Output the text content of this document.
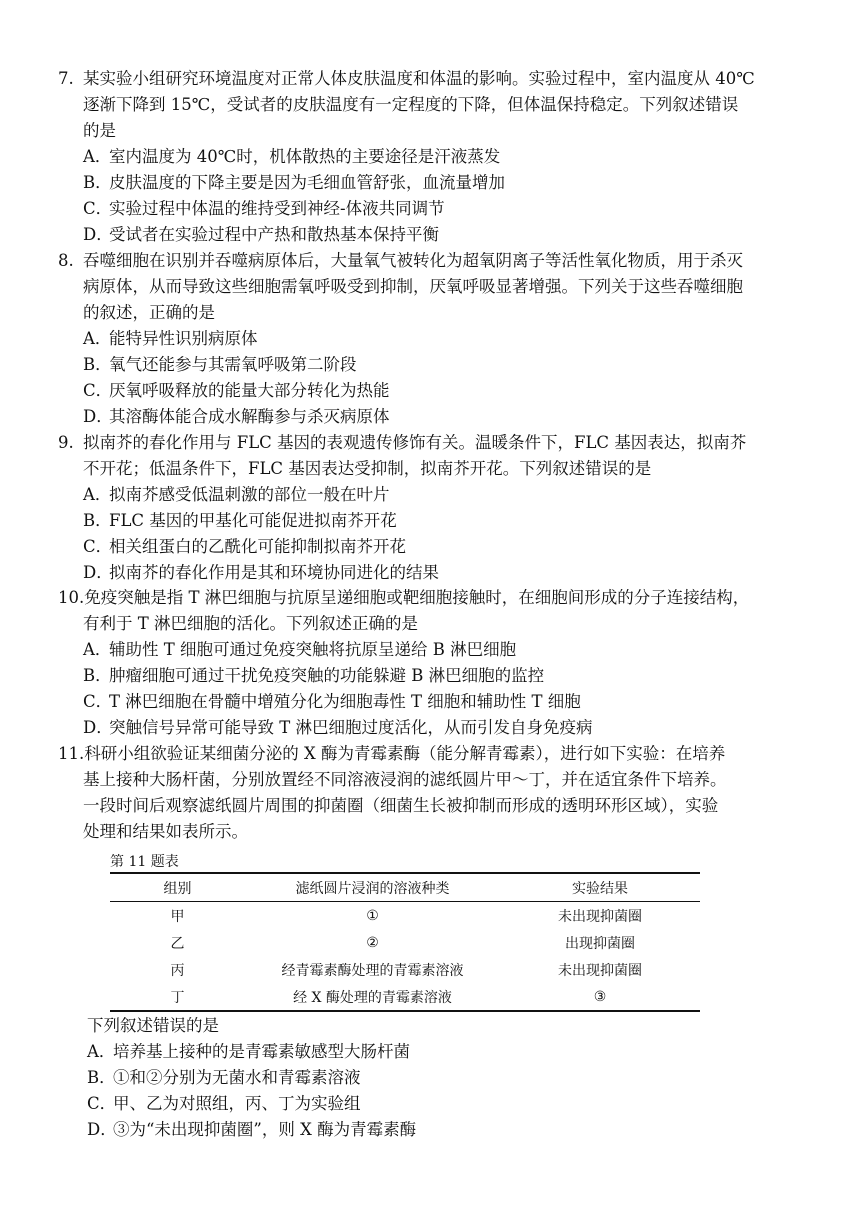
7. 某实验小组研究环境温度对正常人体皮肤温度和体温的影响。实验过程中，室内温度从 40℃
逐渐下降到 15℃，受试者的皮肤温度有一定程度的下降，但体温保持稳定。下列叙述错误
的是
A．室内温度为 40℃时，机体散热的主要途径是汗液蒸发
B．皮肤温度的下降主要是因为毛细血管舒张，血流量增加
C．实验过程中体温的维持受到神经-体液共同调节
D．受试者在实验过程中产热和散热基本保持平衡
8. 吞噬细胞在识别并吞噬病原体后，大量氧气被转化为超氧阴离子等活性氧化物质，用于杀灭
病原体，从而导致这些细胞需氧呼吸受到抑制，厌氧呼吸显著增强。下列关于这些吞噬细胞
的叙述，正确的是
A．能特异性识别病原体
B．氧气还能参与其需氧呼吸第二阶段
C．厌氧呼吸释放的能量大部分转化为热能
D．其溶酶体能合成水解酶参与杀灭病原体
9. 拟南芥的春化作用与 FLC 基因的表观遗传修饰有关。温暖条件下，FLC 基因表达，拟南芥
不开花；低温条件下，FLC 基因表达受抑制，拟南芥开花。下列叙述错误的是
A．拟南芥感受低温刺激的部位一般在叶片
B．FLC 基因的甲基化可能促进拟南芥开花
C．相关组蛋白的乙酰化可能抑制拟南芥开花
D．拟南芥的春化作用是其和环境协同进化的结果
10.免疫突触是指 T 淋巴细胞与抗原呈递细胞或靶细胞接触时，在细胞间形成的分子连接结构，
有利于 T 淋巴细胞的活化。下列叙述正确的是
A．辅助性 T 细胞可通过免疫突触将抗原呈递给 B 淋巴细胞
B．肿瘤细胞可通过干扰免疫突触的功能躲避 B 淋巴细胞的监控
C．T 淋巴细胞在骨髓中增殖分化为细胞毒性 T 细胞和辅助性 T 细胞
D．突触信号异常可能导致 T 淋巴细胞过度活化，从而引发自身免疫病
11.科研小组欲验证某细菌分泌的 X 酶为青霉素酶（能分解青霉素），进行如下实验：在培养
基上接种大肠杆菌，分别放置经不同溶液浸润的滤纸圆片甲～丁，并在适宜条件下培养。
一段时间后观察滤纸圆片周围的抑菌圈（细菌生长被抑制而形成的透明环形区域），实验
处理和结果如表所示。
第 11 题表
组别	滤纸圆片浸润的溶液种类	实验结果
甲	①	未出现抑菌圈
乙	②	出现抑菌圈
丙	经青霉素酶处理的青霉素溶液	未出现抑菌圈
丁	经 X 酶处理的青霉素溶液	③
下列叙述错误的是
A．培养基上接种的是青霉素敏感型大肠杆菌
B．①和②分别为无菌水和青霉素溶液
C．甲、乙为对照组，丙、丁为实验组
D．③为“未出现抑菌圈”，则 X 酶为青霉素酶
